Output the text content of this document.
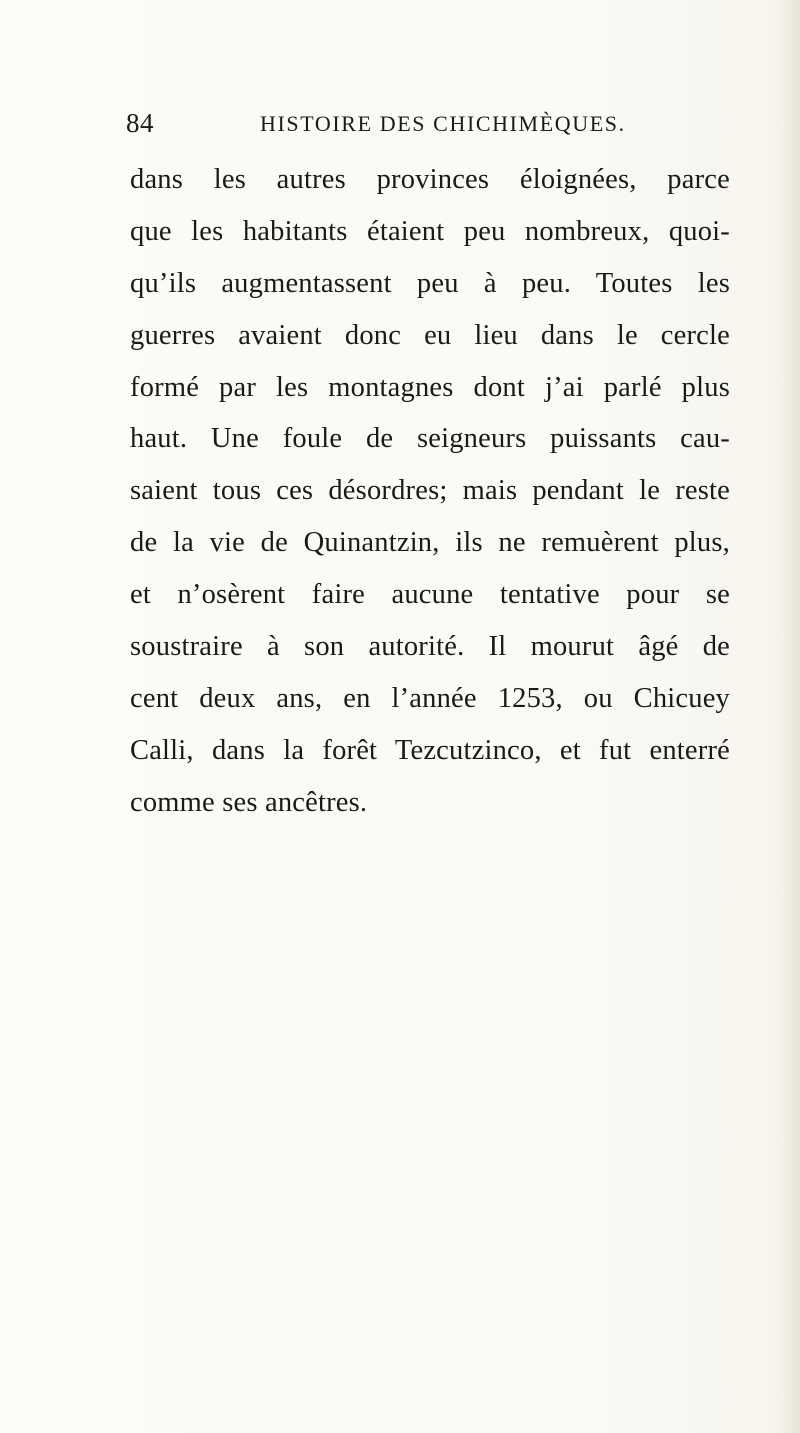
84	HISTOIRE DES CHICHIMÈQUES.
dans les autres provinces éloignées, parce
que les habitants étaient peu nombreux, quoi-
qu’ils augmentassent peu à peu. Toutes les
guerres avaient donc eu lieu dans le cercle
formé par les montagnes dont j’ai parlé plus
haut. Une foule de seigneurs puissants cau-
saient tous ces désordres; mais pendant le reste
de la vie de Quinantzin, ils ne remuèrent plus,
et n’osèrent faire aucune tentative pour se
soustraire à son autorité. Il mourut âgé de
cent deux ans, en l’année 1253, ou Chicuey
Calli, dans la forêt Tezcutzinco, et fut enterré
comme ses ancêtres.
